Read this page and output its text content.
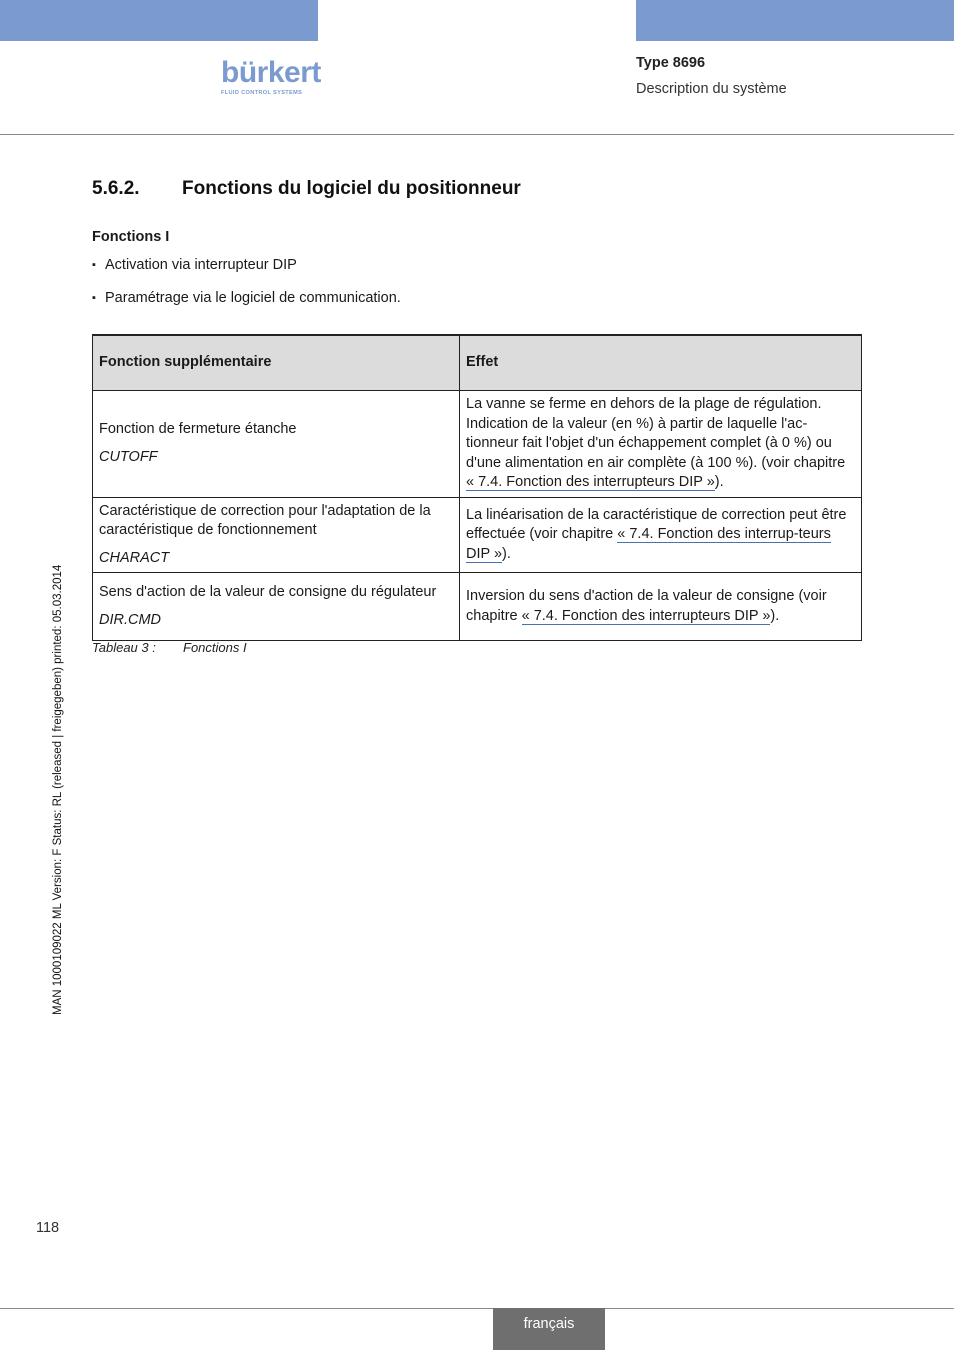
bürkert
FLUID CONTROL SYSTEMS
Type 8696
Description du système
5.6.2. Fonctions du logiciel du positionneur
Fonctions I
▪ Activation via interrupteur DIP
▪ Paramétrage via le logiciel de communication.
Fonction supplémentaire	Effet
Fonction de fermeture étanche
CUTOFF	La vanne se ferme en dehors de la plage de régulation. Indication de la valeur (en %) à partir de laquelle l'ac-tionneur fait l'objet d'un échappement complet (à 0 %) ou d'une alimentation en air complète (à 100 %). (voir chapitre « 7.4. Fonction des interrupteurs DIP »).
Caractéristique de correction pour l'adaptation de la caractéristique de fonctionnement
CHARACT	La linéarisation de la caractéristique de correction peut être effectuée (voir chapitre « 7.4. Fonction des interrup-teurs DIP »).
Sens d'action de la valeur de consigne du régulateur
DIR.CMD	Inversion du sens d'action de la valeur de consigne (voir chapitre « 7.4. Fonction des interrupteurs DIP »).
Tableau 3 : Fonctions I
MAN 1000109022 ML Version: F Status: RL (released | freigegeben) printed: 05.03.2014
118
français
